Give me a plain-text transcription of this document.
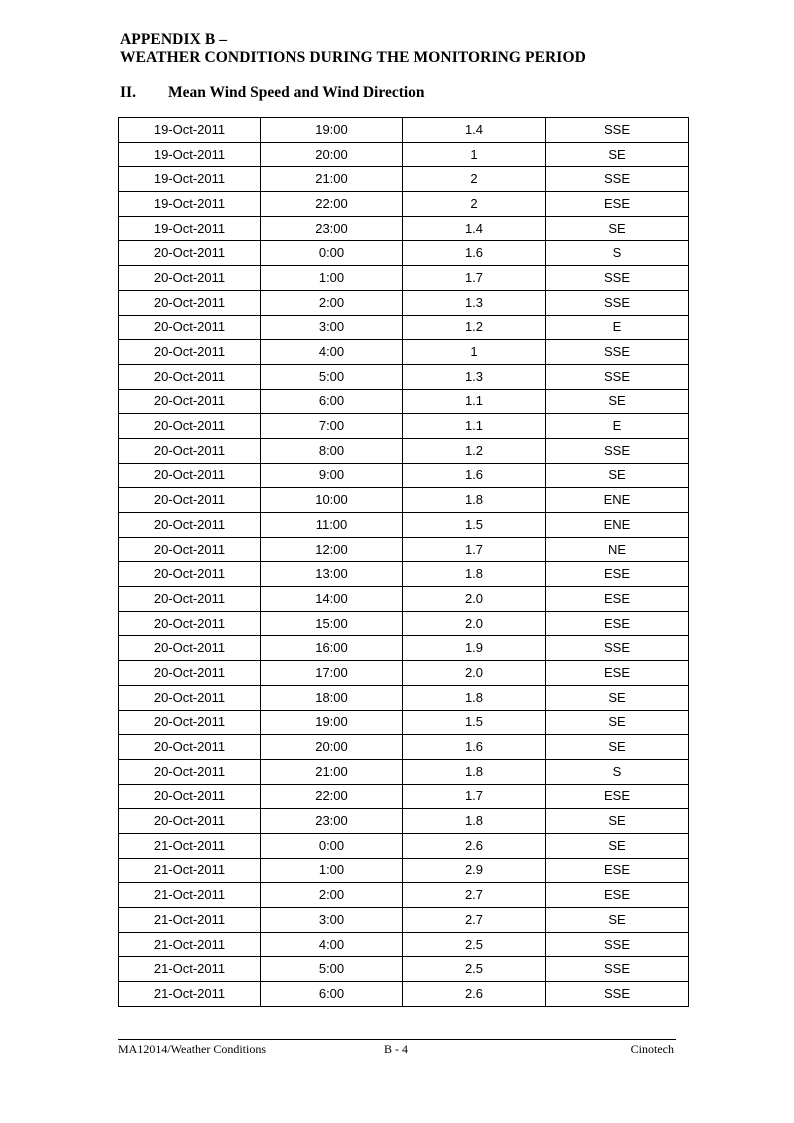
APPENDIX B –
WEATHER CONDITIONS DURING THE MONITORING PERIOD
II. Mean Wind Speed and Wind Direction
19-Oct-2011	19:00	1.4	SSE
19-Oct-2011	20:00	1	SE
19-Oct-2011	21:00	2	SSE
19-Oct-2011	22:00	2	ESE
19-Oct-2011	23:00	1.4	SE
20-Oct-2011	0:00	1.6	S
20-Oct-2011	1:00	1.7	SSE
20-Oct-2011	2:00	1.3	SSE
20-Oct-2011	3:00	1.2	E
20-Oct-2011	4:00	1	SSE
20-Oct-2011	5:00	1.3	SSE
20-Oct-2011	6:00	1.1	SE
20-Oct-2011	7:00	1.1	E
20-Oct-2011	8:00	1.2	SSE
20-Oct-2011	9:00	1.6	SE
20-Oct-2011	10:00	1.8	ENE
20-Oct-2011	11:00	1.5	ENE
20-Oct-2011	12:00	1.7	NE
20-Oct-2011	13:00	1.8	ESE
20-Oct-2011	14:00	2.0	ESE
20-Oct-2011	15:00	2.0	ESE
20-Oct-2011	16:00	1.9	SSE
20-Oct-2011	17:00	2.0	ESE
20-Oct-2011	18:00	1.8	SE
20-Oct-2011	19:00	1.5	SE
20-Oct-2011	20:00	1.6	SE
20-Oct-2011	21:00	1.8	S
20-Oct-2011	22:00	1.7	ESE
20-Oct-2011	23:00	1.8	SE
21-Oct-2011	0:00	2.6	SE
21-Oct-2011	1:00	2.9	ESE
21-Oct-2011	2:00	2.7	ESE
21-Oct-2011	3:00	2.7	SE
21-Oct-2011	4:00	2.5	SSE
21-Oct-2011	5:00	2.5	SSE
21-Oct-2011	6:00	2.6	SSE
MA12014/Weather Conditions	B - 4	Cinotech
